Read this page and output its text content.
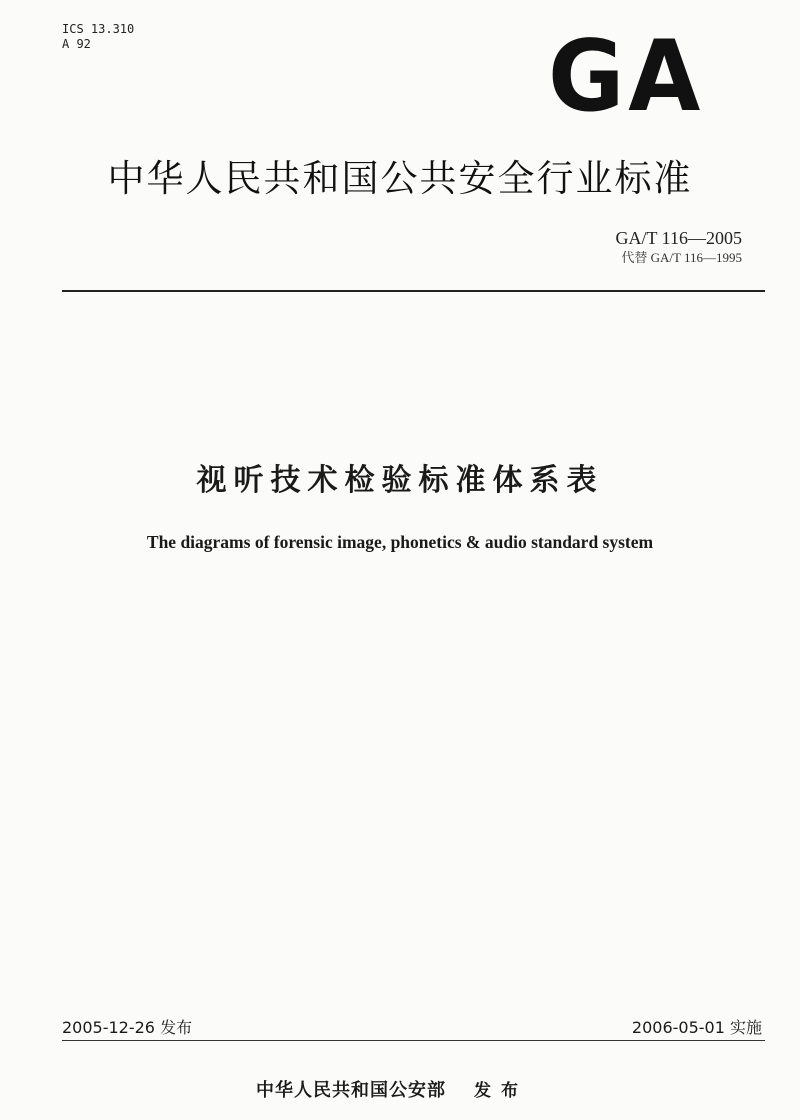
ICS 13.310
A 92	GA
中华人民共和国公共安全行业标准
GA/T 116—2005
代替 GA/T 116—1995
视听技术检验标准体系表
The diagrams of forensic image, phonetics & audio standard system
2005-12-26 发布	2006-05-01 实施
中华人民共和国公安部 发布
